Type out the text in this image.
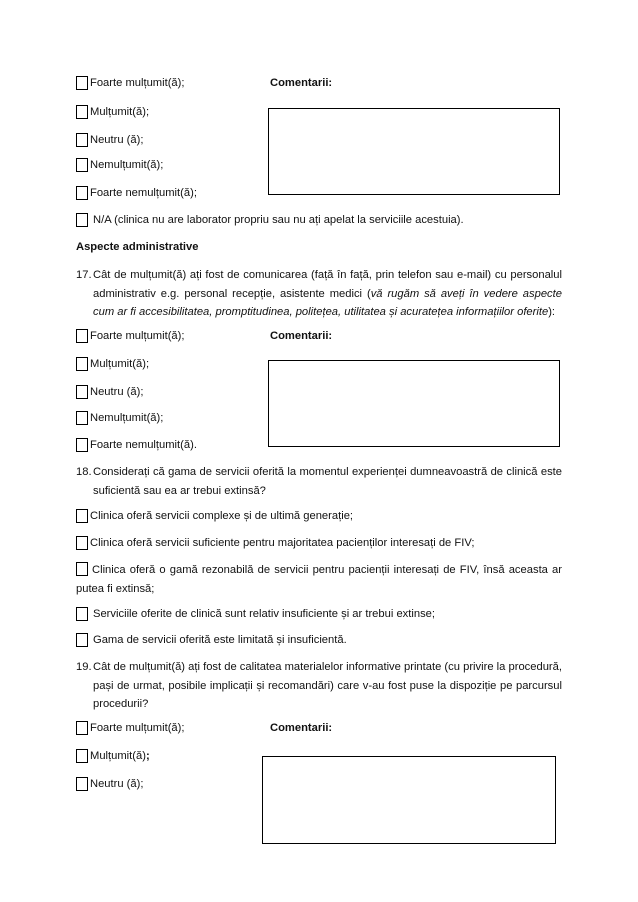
Foarte mulțumit(ă);	Comentarii:
Mulțumit(ă);
Neutru (ă);
Nemulțumit(ă);
Foarte nemulțumit(ă);
N/A (clinica nu are laborator propriu sau nu ați apelat la serviciile acestuia).
Aspecte administrative
17. Cât de mulțumit(ă) ați fost de comunicarea (față în față, prin telefon sau e-mail) cu personalul administrativ e.g. personal recepție, asistente medici (vă rugăm să aveți în vedere aspecte cum ar fi accesibilitatea, promptitudinea, politețea, utilitatea și acuratețea informațiilor oferite):
Foarte mulțumit(ă);	Comentarii:
Mulțumit(ă);
Neutru (ă);
Nemulțumit(ă);
Foarte nemulțumit(ă).
18. Considerați că gama de servicii oferită la momentul experienței dumneavoastră de clinică este suficientă sau ea ar trebui extinsă?
Clinica oferă servicii complexe și de ultimă generație;
Clinica oferă servicii suficiente pentru majoritatea pacienților interesați de FIV;
Clinica oferă o gamă rezonabilă de servicii pentru pacienții interesați de FIV, însă aceasta ar putea fi extinsă;
Serviciile oferite de clinică sunt relativ insuficiente și ar trebui extinse;
Gama de servicii oferită este limitată și insuficientă.
19. Cât de mulțumit(ă) ați fost de calitatea materialelor informative printate (cu privire la procedură, pași de urmat, posibile implicații și recomandări) care v-au fost puse la dispoziție pe parcursul procedurii?
Foarte mulțumit(ă);	Comentarii:
Mulțumit(ă);
Neutru (ă);
